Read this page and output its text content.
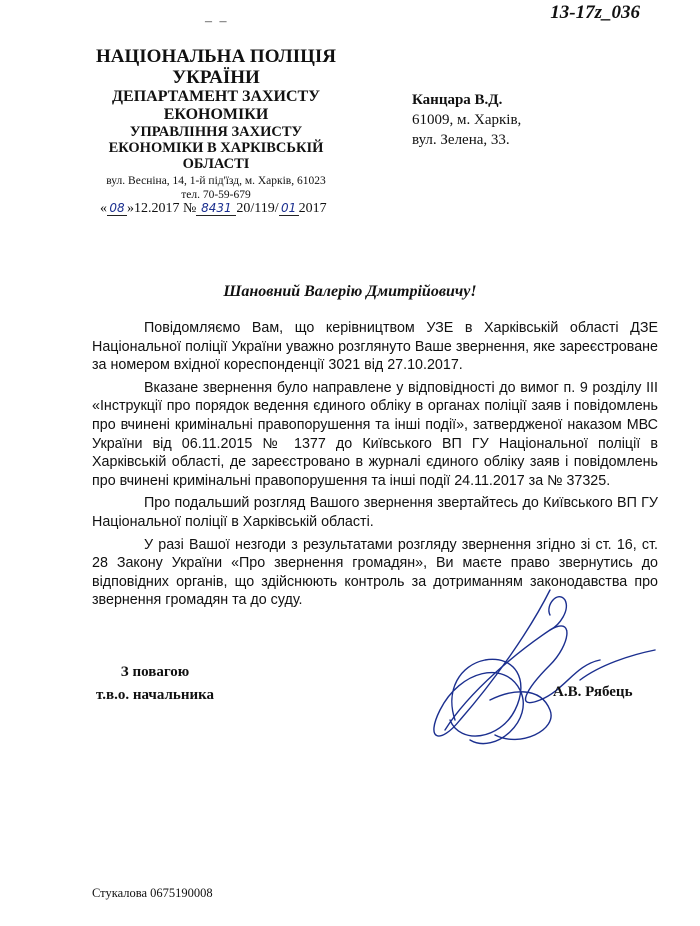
– –	13-17z_036
НАЦІОНАЛЬНА ПОЛІЦІЯ
УКРАЇНИ
ДЕПАРТАМЕНТ ЗАХИСТУ
ЕКОНОМІКИ
УПРАВЛІННЯ ЗАХИСТУ
ЕКОНОМІКИ В ХАРКІВСЬКІЙ
ОБЛАСТІ
вул. Весніна, 14, 1-й під'їзд, м. Харків, 61023
тел. 70-59-679
« 08 »12.2017 № 8431 20/119/ 01 2017
Канцара В.Д.
61009, м. Харків,
вул. Зелена, 33.
Шановний Валерію Дмитрійовичу!

Повідомляємо Вам, що керівництвом УЗЕ в Харківській області ДЗЕ Національної поліції України уважно розглянуто Ваше звернення, яке зареєстроване за номером вхідної кореспонденції 3021 від 27.10.2017.

Вказане звернення було направлене у відповідності до вимог п. 9 розділу ІІІ «Інструкції про порядок ведення єдиного обліку в органах поліції заяв і повідомлень про вчинені кримінальні правопорушення та інші події», затвердженої наказом МВС України від 06.11.2015 № 1377 до Київського ВП ГУ Національної поліції в Харківській області, де зареєстровано в журналі єдиного обліку заяв і повідомлень про вчинені кримінальні правопорушення та інші події 24.11.2017 за № 37325.

Про подальший розгляд Вашого звернення звертайтесь до Київського ВП ГУ Національної поліції в Харківській області.

У разі Вашої незгоди з результатами розгляду звернення згідно зі ст. 16, ст. 28 Закону України «Про звернення громадян», Ви маєте право звернутись до відповідних органів, що здійснюють контроль за дотриманням законодавства про звернення громадян та до суду.

З повагою
т.в.о. начальника	А.В. Рябець
Стукалова 0675190008
